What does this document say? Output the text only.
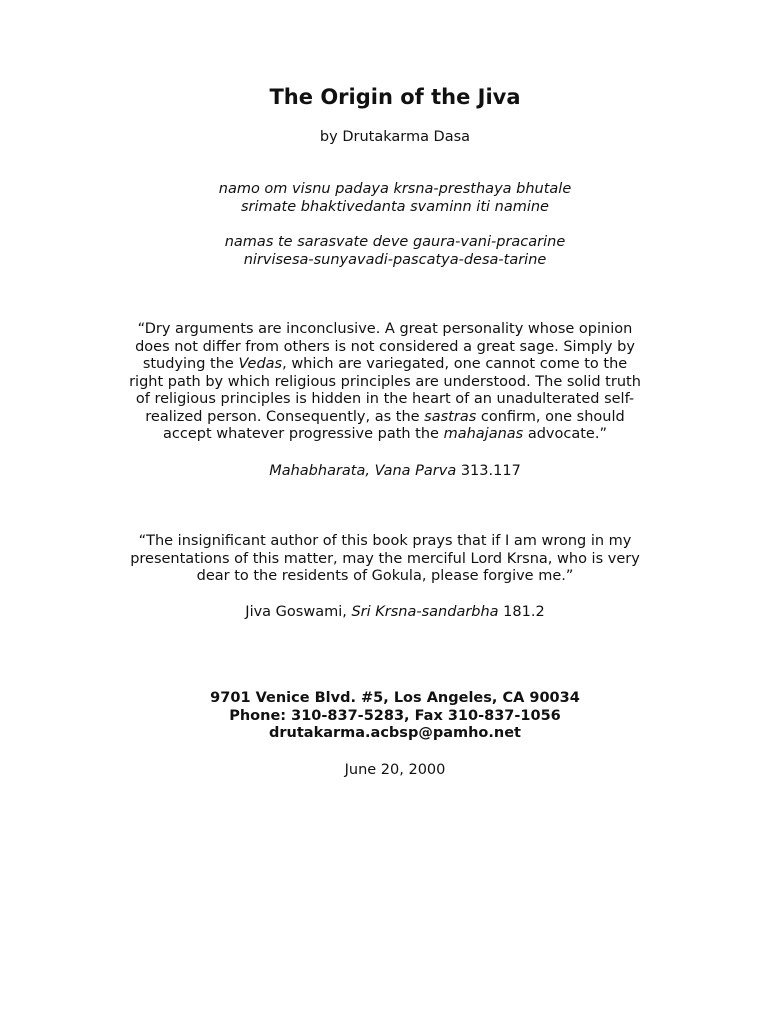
The Origin of the Jiva
by Drutakarma Dasa
namo om visnu padaya krsna-presthaya bhutale
srimate bhaktivedanta svaminn iti namine
namas te sarasvate deve gaura-vani-pracarine
nirvisesa-sunyavadi-pascatya-desa-tarine
“Dry arguments are inconclusive. A great personality whose opinion
does not differ from others is not considered a great sage. Simply by
studying the Vedas, which are variegated, one cannot come to the
right path by which religious principles are understood. The solid truth
of religious principles is hidden in the heart of an unadulterated self-
realized person. Consequently, as the sastras confirm, one should
accept whatever progressive path the mahajanas advocate.”
Mahabharata, Vana Parva 313.117
“The insignificant author of this book prays that if I am wrong in my
presentations of this matter, may the merciful Lord Krsna, who is very
dear to the residents of Gokula, please forgive me.”
Jiva Goswami, Sri Krsna-sandarbha 181.2
9701 Venice Blvd. #5, Los Angeles, CA 90034
Phone: 310-837-5283, Fax 310-837-1056
drutakarma.acbsp@pamho.net
June 20, 2000
